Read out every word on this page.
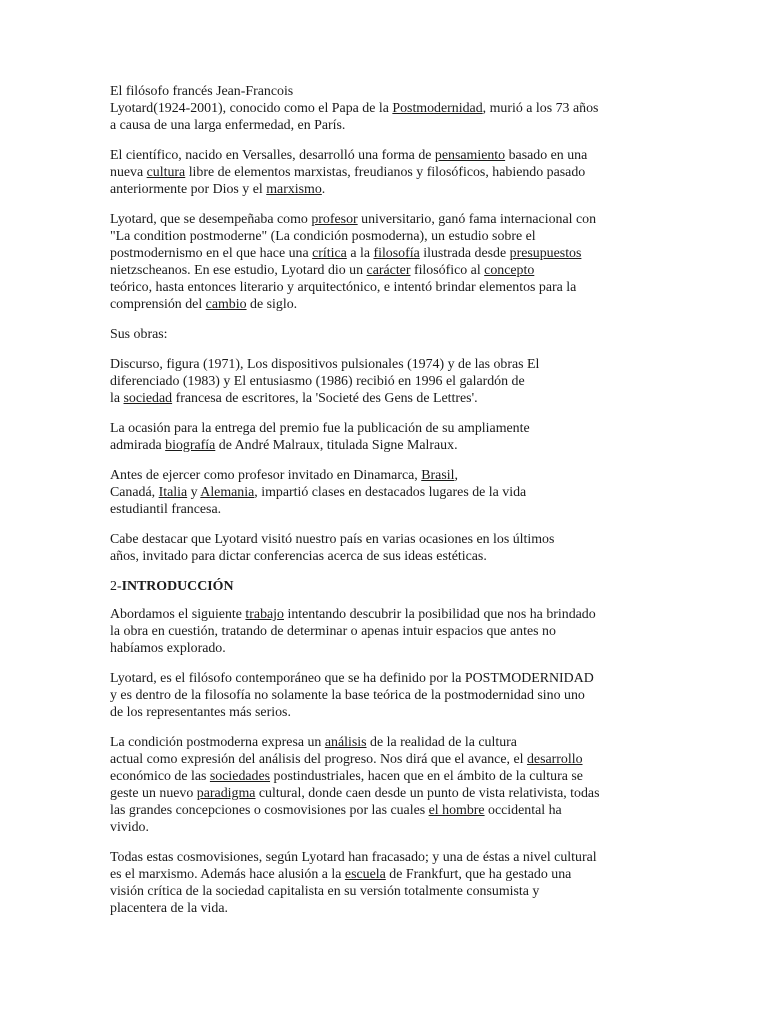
El filósofo francés Jean-Francois
Lyotard(1924-2001), conocido como el Papa de la Postmodernidad, murió a los 73 años
a causa de una larga enfermedad, en París.

El científico, nacido en Versalles, desarrolló una forma de pensamiento basado en una
nueva cultura libre de elementos marxistas, freudianos y filosóficos, habiendo pasado
anteriormente por Dios y el marxismo.

Lyotard, que se desempeñaba como profesor universitario, ganó fama internacional con
"La condition postmoderne" (La condición posmoderna), un estudio sobre el
postmodernismo en el que hace una crítica a la filosofía ilustrada desde presupuestos
nietzscheanos. En ese estudio, Lyotard dio un carácter filosófico al concepto
teórico, hasta entonces literario y arquitectónico, e intentó brindar elementos para la
comprensión del cambio de siglo.

Sus obras:

Discurso, figura (1971), Los dispositivos pulsionales (1974) y de las obras El
diferenciado (1983) y El entusiasmo (1986) recibió en 1996 el galardón de
la sociedad francesa de escritores, la 'Societé des Gens de Lettres'.

La ocasión para la entrega del premio fue la publicación de su ampliamente
admirada biografía de André Malraux, titulada Signe Malraux.

Antes de ejercer como profesor invitado en Dinamarca, Brasil,
Canadá, Italia y Alemania, impartió clases en destacados lugares de la vida
estudiantil francesa.

Cabe destacar que Lyotard visitó nuestro país en varias ocasiones en los últimos
años, invitado para dictar conferencias acerca de sus ideas estéticas.

2-INTRODUCCIÓN

Abordamos el siguiente trabajo intentando descubrir la posibilidad que nos ha brindado
la obra en cuestión, tratando de determinar o apenas intuir espacios que antes no
habíamos explorado.

Lyotard, es el filósofo contemporáneo que se ha definido por la POSTMODERNIDAD
y es dentro de la filosofía no solamente la base teórica de la postmodernidad sino uno
de los representantes más serios.

La condición postmoderna expresa un análisis de la realidad de la cultura
actual como expresión del análisis del progreso. Nos dirá que el avance, el desarrollo
económico de las sociedades postindustriales, hacen que en el ámbito de la cultura se
geste un nuevo paradigma cultural, donde caen desde un punto de vista relativista, todas
las grandes concepciones o cosmovisiones por las cuales el hombre occidental ha
vivido.

Todas estas cosmovisiones, según Lyotard han fracasado; y una de éstas a nivel cultural
es el marxismo. Además hace alusión a la escuela de Frankfurt, que ha gestado una
visión crítica de la sociedad capitalista en su versión totalmente consumista y
placentera de la vida.
